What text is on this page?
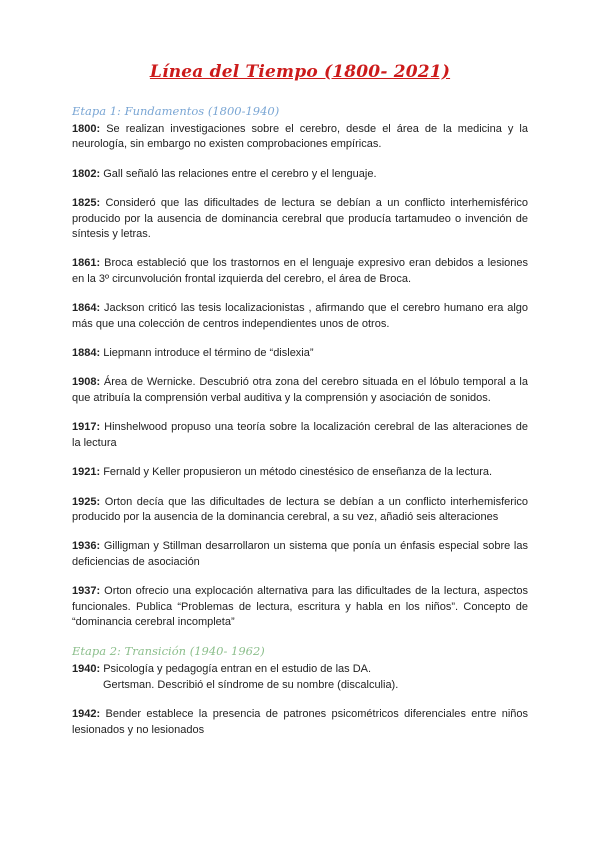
Línea del Tiempo (1800- 2021)
Etapa 1: Fundamentos (1800-1940)
1800: Se realizan investigaciones sobre el cerebro, desde el área de la medicina y la neurología, sin embargo no existen comprobaciones empíricas.
1802: Gall señaló las relaciones entre el cerebro y el lenguaje.
1825: Consideró que las dificultades de lectura se debían a un conflicto interhemisférico producido por la ausencia de dominancia cerebral que producía tartamudeo o invención de síntesis y letras.
1861: Broca estableció que los trastornos en el lenguaje expresivo eran debidos a lesiones en la 3º circunvolución frontal izquierda del cerebro, el área de Broca.
1864: Jackson criticó las tesis localizacionistas , afirmando que el cerebro humano era algo más que una colección de centros independientes unos de otros.
1884: Liepmann introduce el término de “dislexia”
1908: Área de Wernicke. Descubrió otra zona del cerebro situada en el lóbulo temporal a la que atribuía la comprensión verbal auditiva y la comprensión y asociación de sonidos.
1917: Hinshelwood propuso una teoría sobre la localización cerebral de las alteraciones de la lectura
1921: Fernald y Keller propusieron un método cinestésico de enseñanza de la lectura.
1925: Orton decía que las dificultades de lectura se debían a un conflicto interhemisferico producido por la ausencia de la dominancia cerebral, a su vez, añadió seis alteraciones
1936: Gilligman y Stillman desarrollaron un sistema que ponía un énfasis especial sobre las deficiencias de asociación
1937: Orton ofrecio una explocación alternativa para las dificultades de la lectura, aspectos funcionales. Publica “Problemas de lectura, escritura y habla en los niños”. Concepto de “dominancia cerebral incompleta”
Etapa 2: Transición (1940- 1962)
1940: Psicología y pedagogía entran en el estudio de las DA.
Gertsman. Describió el síndrome de su nombre (discalculia).
1942: Bender establece la presencia de patrones psicométricos diferenciales entre niños lesionados y no lesionados
